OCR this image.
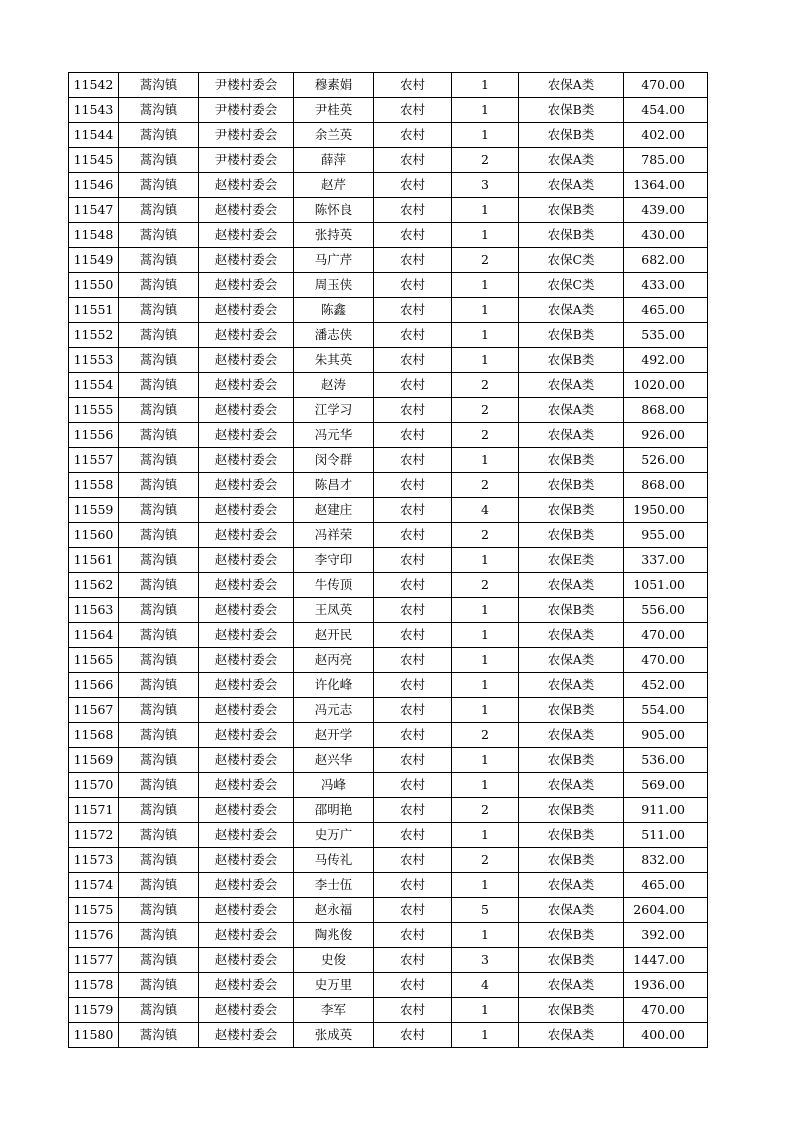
11542	蒿沟镇	尹楼村委会	穆素娟	农村	1	农保A类	470.00
11543	蒿沟镇	尹楼村委会	尹桂英	农村	1	农保B类	454.00
11544	蒿沟镇	尹楼村委会	余兰英	农村	1	农保B类	402.00
11545	蒿沟镇	尹楼村委会	薛萍	农村	2	农保A类	785.00
11546	蒿沟镇	赵楼村委会	赵芹	农村	3	农保A类	1364.00
11547	蒿沟镇	赵楼村委会	陈怀良	农村	1	农保B类	439.00
11548	蒿沟镇	赵楼村委会	张持英	农村	1	农保B类	430.00
11549	蒿沟镇	赵楼村委会	马广芹	农村	2	农保C类	682.00
11550	蒿沟镇	赵楼村委会	周玉侠	农村	1	农保C类	433.00
11551	蒿沟镇	赵楼村委会	陈鑫	农村	1	农保A类	465.00
11552	蒿沟镇	赵楼村委会	潘志侠	农村	1	农保B类	535.00
11553	蒿沟镇	赵楼村委会	朱其英	农村	1	农保B类	492.00
11554	蒿沟镇	赵楼村委会	赵涛	农村	2	农保A类	1020.00
11555	蒿沟镇	赵楼村委会	江学习	农村	2	农保A类	868.00
11556	蒿沟镇	赵楼村委会	冯元华	农村	2	农保A类	926.00
11557	蒿沟镇	赵楼村委会	闵令群	农村	1	农保B类	526.00
11558	蒿沟镇	赵楼村委会	陈昌才	农村	2	农保B类	868.00
11559	蒿沟镇	赵楼村委会	赵建庄	农村	4	农保B类	1950.00
11560	蒿沟镇	赵楼村委会	冯祥荣	农村	2	农保B类	955.00
11561	蒿沟镇	赵楼村委会	李守印	农村	1	农保E类	337.00
11562	蒿沟镇	赵楼村委会	牛传顶	农村	2	农保A类	1051.00
11563	蒿沟镇	赵楼村委会	王凤英	农村	1	农保B类	556.00
11564	蒿沟镇	赵楼村委会	赵开民	农村	1	农保A类	470.00
11565	蒿沟镇	赵楼村委会	赵丙亮	农村	1	农保A类	470.00
11566	蒿沟镇	赵楼村委会	许化峰	农村	1	农保A类	452.00
11567	蒿沟镇	赵楼村委会	冯元志	农村	1	农保B类	554.00
11568	蒿沟镇	赵楼村委会	赵开学	农村	2	农保A类	905.00
11569	蒿沟镇	赵楼村委会	赵兴华	农村	1	农保B类	536.00
11570	蒿沟镇	赵楼村委会	冯峰	农村	1	农保A类	569.00
11571	蒿沟镇	赵楼村委会	邵明艳	农村	2	农保B类	911.00
11572	蒿沟镇	赵楼村委会	史万广	农村	1	农保B类	511.00
11573	蒿沟镇	赵楼村委会	马传礼	农村	2	农保B类	832.00
11574	蒿沟镇	赵楼村委会	李士伍	农村	1	农保A类	465.00
11575	蒿沟镇	赵楼村委会	赵永福	农村	5	农保A类	2604.00
11576	蒿沟镇	赵楼村委会	陶兆俊	农村	1	农保B类	392.00
11577	蒿沟镇	赵楼村委会	史俊	农村	3	农保B类	1447.00
11578	蒿沟镇	赵楼村委会	史万里	农村	4	农保A类	1936.00
11579	蒿沟镇	赵楼村委会	李军	农村	1	农保B类	470.00
11580	蒿沟镇	赵楼村委会	张成英	农村	1	农保A类	400.00
